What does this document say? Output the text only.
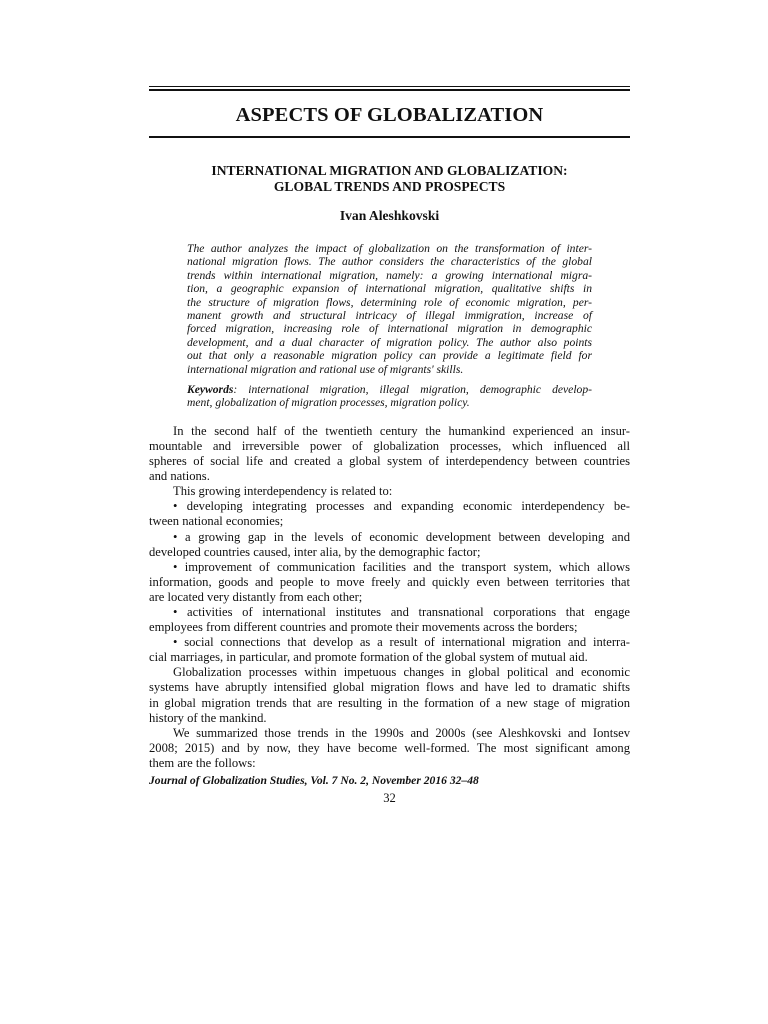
ASPECTS OF GLOBALIZATION
INTERNATIONAL MIGRATION AND GLOBALIZATION:
GLOBAL TRENDS AND PROSPECTS
Ivan Aleshkovski
The author analyzes the impact of globalization on the transformation of inter-
national migration flows. The author considers the characteristics of the global
trends within international migration, namely: a growing international migra-
tion, a geographic expansion of international migration, qualitative shifts in
the structure of migration flows, determining role of economic migration, per-
manent growth and structural intricacy of illegal immigration, increase of
forced migration, increasing role of international migration in demographic
development, and a dual character of migration policy. The author also points
out that only a reasonable migration policy can provide a legitimate field for
international migration and rational use of migrants' skills.
Keywords: international migration, illegal migration, demographic develop-
ment, globalization of migration processes, migration policy.
In the second half of the twentieth century the humankind experienced an insur-
mountable and irreversible power of globalization processes, which influenced all
spheres of social life and created a global system of interdependency between countries
and nations.
This growing interdependency is related to:
• developing integrating processes and expanding economic interdependency be-
tween national economies;
• a growing gap in the levels of economic development between developing and
developed countries caused, inter alia, by the demographic factor;
• improvement of communication facilities and the transport system, which allows
information, goods and people to move freely and quickly even between territories that
are located very distantly from each other;
• activities of international institutes and transnational corporations that engage
employees from different countries and promote their movements across the borders;
• social connections that develop as a result of international migration and interra-
cial marriages, in particular, and promote formation of the global system of mutual aid.
Globalization processes within impetuous changes in global political and economic
systems have abruptly intensified global migration flows and have led to dramatic shifts
in global migration trends that are resulting in the formation of a new stage of migration
history of the mankind.
We summarized those trends in the 1990s and 2000s (see Aleshkovski and Iontsev
2008; 2015) and by now, they have become well-formed. The most significant among
them are the follows:
Journal of Globalization Studies, Vol. 7 No. 2, November 2016 32–48
32
